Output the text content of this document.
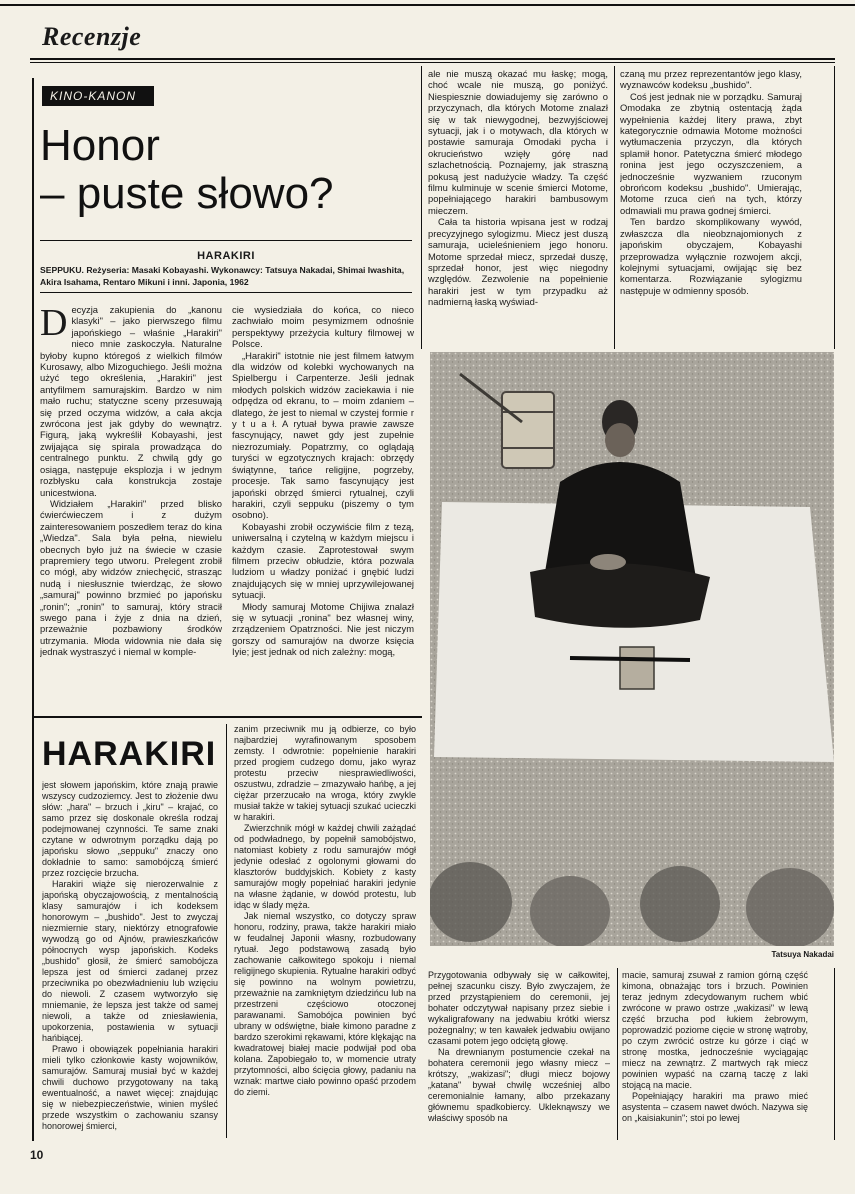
Recenzje
KINO-KANON
Honor
– puste słowo?
HARAKIRI
SEPPUKU. Reżyseria: Masaki Kobayashi. Wykonawcy: Tatsuya Nakadai, Shimai Iwashita, Akira Isahama, Rentaro Mikuni i inni. Japonia, 1962

Decyzja zakupienia do „kanonu klasyki" – jako pierwszego filmu japońskiego – właśnie „Harakiri" nieco mnie zaskoczyła. Naturalne byłoby kupno któregoś z wielkich filmów Kurosawy, albo Mizoguchiego. Jeśli można użyć tego określenia, „Harakiri" jest antyfilmem samurajskim. Bardzo w nim mało ruchu; statyczne sceny przesuwają się przed oczyma widzów, a cała akcja zwrócona jest jak gdyby do wewnątrz. Figurą, jaką wykreślił Kobayashi, jest zwijająca się spirala prowadząca do centralnego punktu. Z chwilą gdy go osiąga, następuje eksplozja i w jednym rozbłysku cała konstrukcja zostaje unicestwiona.

Widziałem „Harakiri" przed blisko ćwierćwieczem i z dużym zainteresowaniem poszedłem teraz do kina „Wiedza". Sala była pełna, niewielu obecnych było już na świecie w czasie prapremiery tego utworu. Prelegent zrobił co mógł, aby widzów zniechęcić, strasząc nudą i niesłusznie twierdząc, że słowo „samuraj" powinno brzmieć po japońsku „ronin"; „ronin" to samuraj, który stracił swego pana i żyje z dnia na dzień, przeważnie pozbawiony środków utrzymania. Młoda widownia nie dała się jednak wystraszyć i niemal w komple-

cie wysiedziała do końca, co nieco zachwiało moim pesymizmem odnośnie perspektywy przeżycia kultury filmowej w Polsce.

„Harakiri" istotnie nie jest filmem łatwym dla widzów od kolebki wychowanych na Spielbergu i Carpenterze. Jeśli jednak młodych polskich widzów zaciekawia i nie odpędza od ekranu, to – moim zdaniem – dlatego, że jest to niemal w czystej formie r y t u a ł. A rytuał bywa prawie zawsze fascynujący, nawet gdy jest zupełnie niezrozumiały. Popatrzmy, co oglądają turyści w egzotycznych krajach: obrzędy świątynne, tańce religijne, pogrzeby, procesje. Tak samo fascynujący jest japoński obrzęd śmierci rytualnej, czyli harakiri, czyli seppuku (piszemy o tym osobno).

Kobayashi zrobił oczywiście film z tezą, uniwersalną i czytelną w każdym miejscu i każdym czasie. Zaprotestował swym filmem przeciw obłudzie, która pozwala ludziom u władzy poniżać i gnębić ludzi znajdujących się w mniej uprzywilejowanej sytuacji.

Młody samuraj Motome Chijiwa znalazł się w sytuacji „ronina" bez własnej winy, zrządzeniem Opatrzności. Nie jest niczym gorszy od samurajów na dworze księcia Iyie; jest jednak od nich zależny: mogą,

ale nie muszą okazać mu łaskę; mogą, choć wcale nie muszą, go poniżyć. Niespiesznie dowiadujemy się zarówno o przyczynach, dla których Motome znalazł się w tak niewygodnej, bezwyjściowej sytuacji, jak i o motywach, dla których w postawie samuraja Omodaki pycha i okrucieństwo wzięły górę nad szlachetnością. Poznajemy, jak straszną pokusą jest nadużycie władzy. Ta część filmu kulminuje w scenie śmierci Motome, popełniającego harakiri bambusowym mieczem.

Cała ta historia wpisana jest w rodzaj precyzyjnego sylogizmu. Miecz jest duszą samuraja, ucieleśnieniem jego honoru. Motome sprzedał miecz, sprzedał duszę, sprzedał honor, jest więc niegodny względów. Zezwolenie na popełnienie harakiri jest w tym przypadku aż nadmierną łaską wyświad-

czaną mu przez reprezentantów jego klasy, wyznawców kodeksu „bushido".

Coś jest jednak nie w porządku. Samuraj Omodaka ze zbytnią ostentacją żąda wypełnienia każdej litery prawa, zbyt kategorycznie odmawia Motome możności wytłumaczenia przyczyn, dla których splamił honor. Patetyczna śmierć młodego ronina jest jego oczyszczeniem, a jednocześnie wyzwaniem rzuconym obrońcom kodeksu „bushido". Umierając, Motome rzuca cień na tych, którzy odmawiali mu prawa godnej śmierci.

Ten bardzo skomplikowany wywód, zwłaszcza dla nieobznajomionych z japońskim obyczajem, Kobayashi przeprowadza wyłącznie rozwojem akcji, kolejnymi sytuacjami, owijając się bez komentarza. Rozwiązanie sylogizmu następuje w odmienny sposób.

HARAKIRI

jest słowem japońskim, które znają prawie wszyscy cudzoziemcy. Jest to złożenie dwu słów: „hara" – brzuch i „kiru" – krajać, co samo przez się doskonale określa rodzaj podejmowanej czynności. Te same znaki czytane w odwrotnym porządku dają po japońsku słowo „seppuku" znaczy ono dokładnie to samo: samobójczą śmierć przez rozcięcie brzucha.

Harakiri wiąże się nierozerwalnie z japońską obyczajowością, z mentalnością klasy samurajów i ich kodeksem honorowym – „bushido". Jest to zwyczaj niezmiernie stary, niektórzy etnografowie wywodzą go od Ajnów, prawieszkańców północnych wysp japońskich. Kodeks „bushido" głosił, że śmierć samobójcza lepsza jest od śmierci zadanej przez przeciwnika po obezwładnieniu lub wzięciu do niewoli. Z czasem wytworzyło się mniemanie, że lepsza jest także od samej niewoli, a także od zniesławienia, upokorzenia, postawienia w sytuacji hańbiącej.

Prawo i obowiązek popełniania harakiri mieli tylko członkowie kasty wojowników, samurajów. Samuraj musiał być w każdej chwili duchowo przygotowany na taką ewentualność, a nawet więcej: znajdując się w niebezpieczeństwie, winien myśleć przede wszystkim o zachowaniu szansy honorowej śmierci,

zanim przeciwnik mu ją odbierze, co było najbardziej wyrafinowanym sposobem zemsty. I odwrotnie: popełnienie harakiri przed progiem cudzego domu, jako wyraz protestu przeciw niesprawiedliwości, oszustwu, zdradzie – zmazywało hańbę, a jej ciężar przerzucało na wroga, który zwykle musiał także w takiej sytuacji szukać ucieczki w harakiri.

Zwierzchnik mógł w każdej chwili zażądać od podwładnego, by popełnił samobójstwo, natomiast kobiety z rodu samurajów mógł jedynie odesłać z ogolonymi głowami do klasztorów buddyjskich. Kobiety z kasty samurajów mogły popełniać harakiri jedynie na własne żądanie, w dowód protestu, lub idąc w ślady męża.

Jak niemal wszystko, co dotyczy spraw honoru, rodziny, prawa, także harakiri miało w feudalnej Japonii własny, rozbudowany rytuał. Jego podstawową zasadą było zachowanie całkowitego spokoju i niemal religijnego skupienia. Rytualne harakiri odbyć się powinno na wolnym powietrzu, przeważnie na zamkniętym dziedzińcu lub na przestrzeni częściowo otoczonej parawanami. Samobójca powinien być ubrany w odświętne, białe kimono paradne z bardzo szerokimi rękawami, które klękając na kwadratowej białej macie podwijał pod oba kolana. Zapobiegało to, w momencie utraty przytomności, albo ścięcia głowy, padaniu na wznak: martwe ciało powinno opaść przodem do ziemi.

Przygotowania odbywały się w całkowitej, pełnej szacunku ciszy. Było zwyczajem, że przed przystąpieniem do ceremonii, jej bohater odczytywał napisany przez siebie i wykaligrafowany na jedwabiu krótki wiersz pożegnalny; w ten kawałek jedwabiu owijano czasami potem jego odciętą głowę.

Na drewnianym postumencie czekał na bohatera ceremonii jego własny miecz – krótszy, „wakizasi"; długi miecz bojowy „katana" bywał chwilę wcześniej albo ceremonialnie łamany, albo przekazany głównemu spadkobiercy. Ukleknąwszy we właściwy sposób na

macie, samuraj zsuwał z ramion górną część kimona, obnażając tors i brzuch. Powinien teraz jednym zdecydowanym ruchem wbić zwrócone w prawo ostrze „wakizasi" w lewą część brzucha pod łukiem żebrowym, poprowadzić poziome cięcie w stronę wątroby, po czym zwrócić ostrze ku górze i ciąć w stronę mostka, jednocześnie wyciągając miecz na zewnątrz. Z martwych rąk miecz powinien wypaść na czarną taczę z laki stojącą na macie.

Popełniający harakiri ma prawo mieć asystenta – czasem nawet dwóch. Nazywa się on „kaisiakunin"; stoi po lewej

Tatsuya Nakadai
10
